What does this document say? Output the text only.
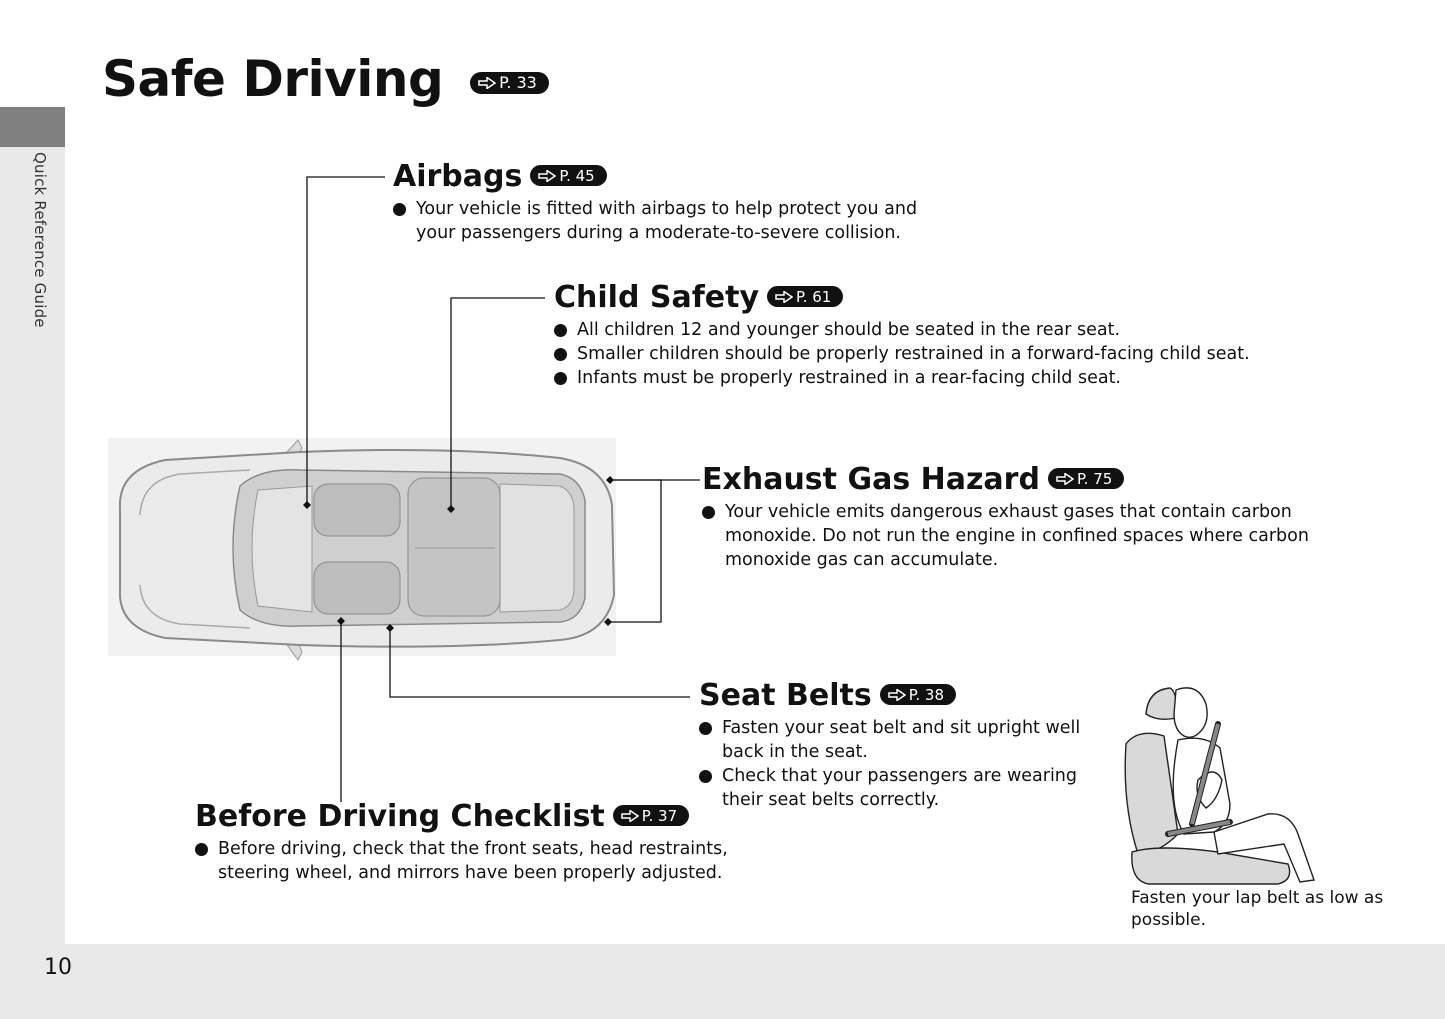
Quick Reference Guide
10
Safe Driving	P. 33
Fasten your lap belt as low as possible.
Airbags P. 45
Your vehicle is fitted with airbags to help protect you and your passengers during a moderate-to-severe collision.
Child Safety P. 61
All children 12 and younger should be seated in the rear seat.
Smaller children should be properly restrained in a forward-facing child seat.
Infants must be properly restrained in a rear-facing child seat.
Exhaust Gas Hazard P. 75
Your vehicle emits dangerous exhaust gases that contain carbon monoxide. Do not run the engine in confined spaces where carbon monoxide gas can accumulate.
Seat Belts P. 38
Fasten your seat belt and sit upright well back in the seat.
Check that your passengers are wearing their seat belts correctly.
Before Driving Checklist P. 37
Before driving, check that the front seats, head restraints, steering wheel, and mirrors have been properly adjusted.
